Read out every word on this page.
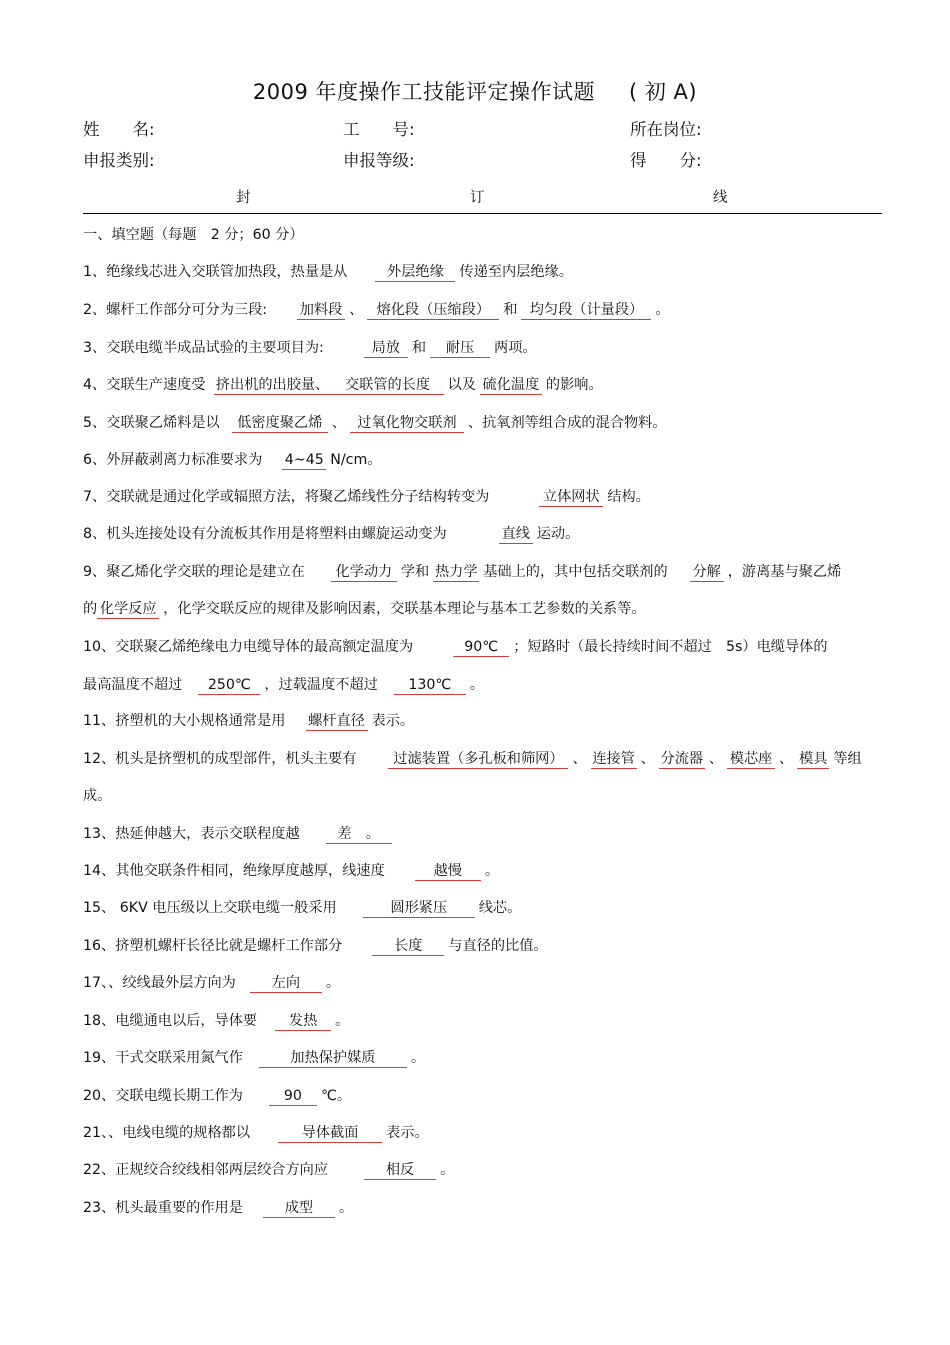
2009 年度操作工技能评定操作试题 ( 初 A)
姓　　名:	工　　号:	所在岗位:
申报类别:	申报等级:	得　　分:
封	订	线
一、填空题（每题　2 分；60 分）
1、绝缘线芯进入交联管加热段，热量是从	外层绝缘 传递至内层绝缘。
2、螺杆工作部分可分为三段: 加料段 、 熔化段（压缩段） 和 均匀段（计量段） 。
3、交联电缆半成品试验的主要项目为:	局放 和 耐压 两项。
4、交联生产速度受 挤出机的出胶量、 交联管的长度 以及 硫化温度 的影响。
5、交联聚乙烯料是以 低密度聚乙烯 、 过氧化物交联剂 、抗氧剂等组合成的混合物料。
6、外屏蔽剥离力标准要求为 4~45 N/cm。
7、交联就是通过化学或辐照方法，将聚乙烯线性分子结构转变为	立体网状 结构。
8、机头连接处设有分流板其作用是将塑料由螺旋运动变为	直线 运动。
9、聚乙烯化学交联的理论是建立在 化学动力 学和 热力学 基础上的，其中包括交联剂的 分解 ，游离基与聚乙烯
的 化学反应 ，化学交联反应的规律及影响因素，交联基本理论与基本工艺参数的关系等。
10、交联聚乙烯绝缘电力电缆导体的最高额定温度为	90℃ ；短路时（最长持续时间不超过　5s）电缆导体的
最高温度不超过 250℃ ，过载温度不超过 130℃ 。
11、挤塑机的大小规格通常是用 螺杆直径 表示。
12、机头是挤塑机的成型部件，机头主要有	过滤装置（多孔板和筛网） 、 连接管 、 分流器 、 模芯座 、 模具 等组
成。
13、热延伸越大，表示交联程度越	差　。
14、其他交联条件相同，绝缘厚度越厚，线速度	越慢 。
15、 6KV 电压级以上交联电缆一般采用	圆形紧压 线芯。
16、挤塑机螺杆长径比就是螺杆工作部分	长度 与直径的比值。
17、、绞线最外层方向为	左向 。
18、电缆通电以后，导体要 发热 。
19、干式交联采用氮气作	加热保护媒质 。
20、交联电缆长期工作为	90 ℃。
21、、电线电缆的规格都以	导体截面 表示。
22、正规绞合绞线相邻两层绞合方向应	相反 。
23、机头最重要的作用是	成型 。
